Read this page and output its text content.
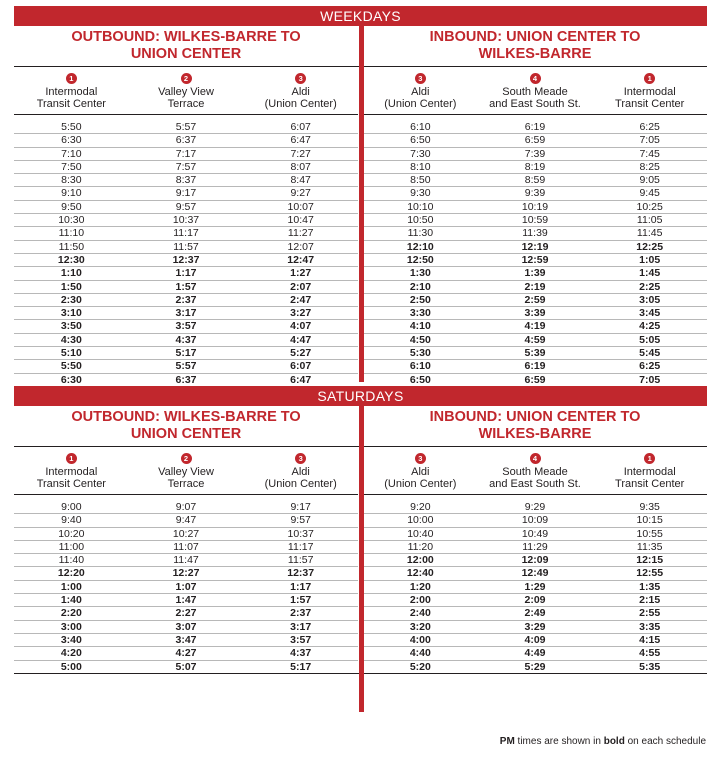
WEEKDAYS
OUTBOUND: WILKES-BARRE TO
UNION CENTER
INBOUND: UNION CENTER TO
WILKES-BARRE
1
Intermodal
Transit Center
2
Valley View
Terrace
3
Aldi
(Union Center)
5:50	5:57	6:07
6:30	6:37	6:47
7:10	7:17	7:27
7:50	7:57	8:07
8:30	8:37	8:47
9:10	9:17	9:27
9:50	9:57	10:07
10:30	10:37	10:47
11:10	11:17	11:27
11:50	11:57	12:07
12:30	12:37	12:47
1:10	1:17	1:27
1:50	1:57	2:07
2:30	2:37	2:47
3:10	3:17	3:27
3:50	3:57	4:07
4:30	4:37	4:47
5:10	5:17	5:27
5:50	5:57	6:07
6:30	6:37	6:47
3
Aldi
(Union Center)
4
South Meade
and East South St.
1
Intermodal
Transit Center
6:10	6:19	6:25
6:50	6:59	7:05
7:30	7:39	7:45
8:10	8:19	8:25
8:50	8:59	9:05
9:30	9:39	9:45
10:10	10:19	10:25
10:50	10:59	11:05
11:30	11:39	11:45
12:10	12:19	12:25
12:50	12:59	1:05
1:30	1:39	1:45
2:10	2:19	2:25
2:50	2:59	3:05
3:30	3:39	3:45
4:10	4:19	4:25
4:50	4:59	5:05
5:30	5:39	5:45
6:10	6:19	6:25
6:50	6:59	7:05
SATURDAYS
OUTBOUND: WILKES-BARRE TO
UNION CENTER
INBOUND: UNION CENTER TO
WILKES-BARRE
1
Intermodal
Transit Center
2
Valley View
Terrace
3
Aldi
(Union Center)
9:00	9:07	9:17
9:40	9:47	9:57
10:20	10:27	10:37
11:00	11:07	11:17
11:40	11:47	11:57
12:20	12:27	12:37
1:00	1:07	1:17
1:40	1:47	1:57
2:20	2:27	2:37
3:00	3:07	3:17
3:40	3:47	3:57
4:20	4:27	4:37
5:00	5:07	5:17
3
Aldi
(Union Center)
4
South Meade
and East South St.
1
Intermodal
Transit Center
9:20	9:29	9:35
10:00	10:09	10:15
10:40	10:49	10:55
11:20	11:29	11:35
12:00	12:09	12:15
12:40	12:49	12:55
1:20	1:29	1:35
2:00	2:09	2:15
2:40	2:49	2:55
3:20	3:29	3:35
4:00	4:09	4:15
4:40	4:49	4:55
5:20	5:29	5:35
PM times are shown in bold on each schedule
